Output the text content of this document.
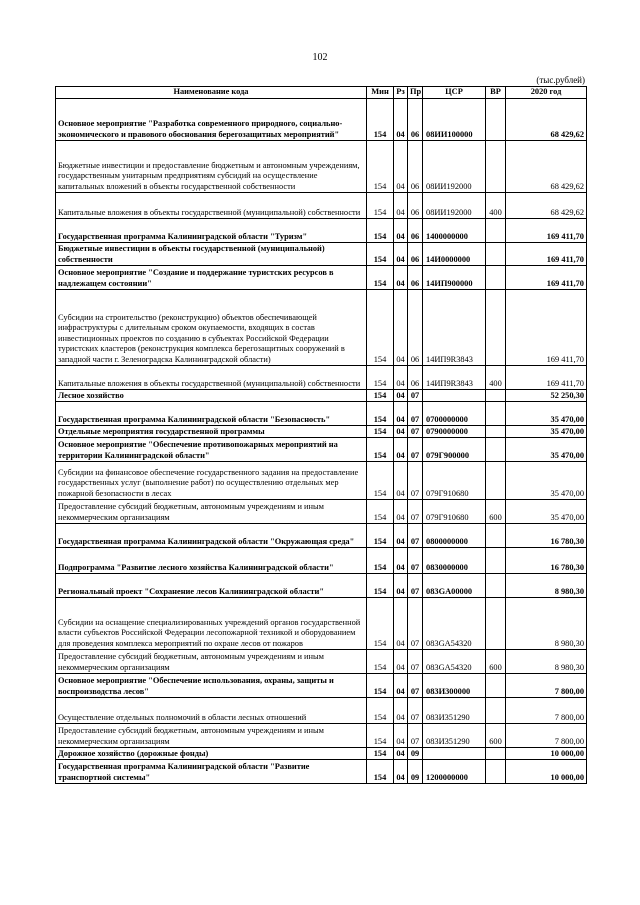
102
(тыс.рублей)
Наименование кода	Мин	Рз	Пр	ЦСР	ВР	2020 год
Основное мероприятие "Разработка современного природного, социально-экономического и правового обоснования берегозащитных мероприятий"	154	04	06	08ИИ100000		68 429,62
Бюджетные инвестиции и предоставление бюджетным и автономным учреждениям, государственным унитарным предприятиям субсидий на осуществление капитальных вложений в объекты государственной собственности	154	04	06	08ИИ192000		68 429,62
Капитальные вложения в объекты государственной (муниципальной) собственности	154	04	06	08ИИ192000	400	68 429,62
Государственная программа Калининградской области "Туризм"	154	04	06	1400000000		169 411,70
Бюджетные инвестиции в объекты государственной (муниципальной) собственности	154	04	06	14И0000000		169 411,70
Основное мероприятие "Создание и поддержание туристских ресурсов в надлежащем состоянии"	154	04	06	14ИП900000		169 411,70
Субсидии на строительство (реконструкцию) объектов обеспечивающей инфраструктуры с длительным сроком окупаемости, входящих в состав инвестиционных проектов по созданию в субъектах Российской Федерации туристских кластеров (реконструкция комплекса берегозащитных сооружений в западной части г. Зеленоградска Калининградской области)	154	04	06	14ИП9R3843		169 411,70
Капитальные вложения в объекты государственной (муниципальной) собственности	154	04	06	14ИП9R3843	400	169 411,70
Лесное хозяйство	154	04	07			52 250,30
Государственная программа Калининградской области "Безопасность"	154	04	07	0700000000		35 470,00
Отдельные мероприятия государственной программы	154	04	07	0790000000		35 470,00
Основное мероприятие "Обеспечение противопожарных мероприятий на территории Калининградской области"	154	04	07	079Г900000		35 470,00
Субсидии на финансовое обеспечение государственного задания на предоставление государственных услуг (выполнение работ) по осуществлению отдельных мер пожарной безопасности в лесах	154	04	07	079Г910680		35 470,00
Предоставление субсидий бюджетным, автономным учреждениям и иным некоммерческим организациям	154	04	07	079Г910680	600	35 470,00
Государственная программа Калининградской области "Окружающая среда"	154	04	07	0800000000		16 780,30
Подпрограмма "Развитие лесного хозяйства Калининградской области"	154	04	07	0830000000		16 780,30
Региональный проект "Сохранение лесов Калининградской области"	154	04	07	083GA00000		8 980,30
Субсидии на оснащение специализированных учреждений органов государственной власти субъектов Российской Федерации лесопожарной техникой и оборудованием для проведения комплекса мероприятий по охране лесов от пожаров	154	04	07	083GA54320		8 980,30
Предоставление субсидий бюджетным, автономным учреждениям и иным некоммерческим организациям	154	04	07	083GA54320	600	8 980,30
Основное мероприятие "Обеспечение использования, охраны, защиты и воспроизводства лесов"	154	04	07	083И300000		7 800,00
Осуществление отдельных полномочий в области лесных отношений	154	04	07	083И351290		7 800,00
Предоставление субсидий бюджетным, автономным учреждениям и иным некоммерческим организациям	154	04	07	083И351290	600	7 800,00
Дорожное хозяйство (дорожные фонды)	154	04	09			10 000,00
Государственная программа Калининградской области "Развитие транспортной системы"	154	04	09	1200000000		10 000,00
